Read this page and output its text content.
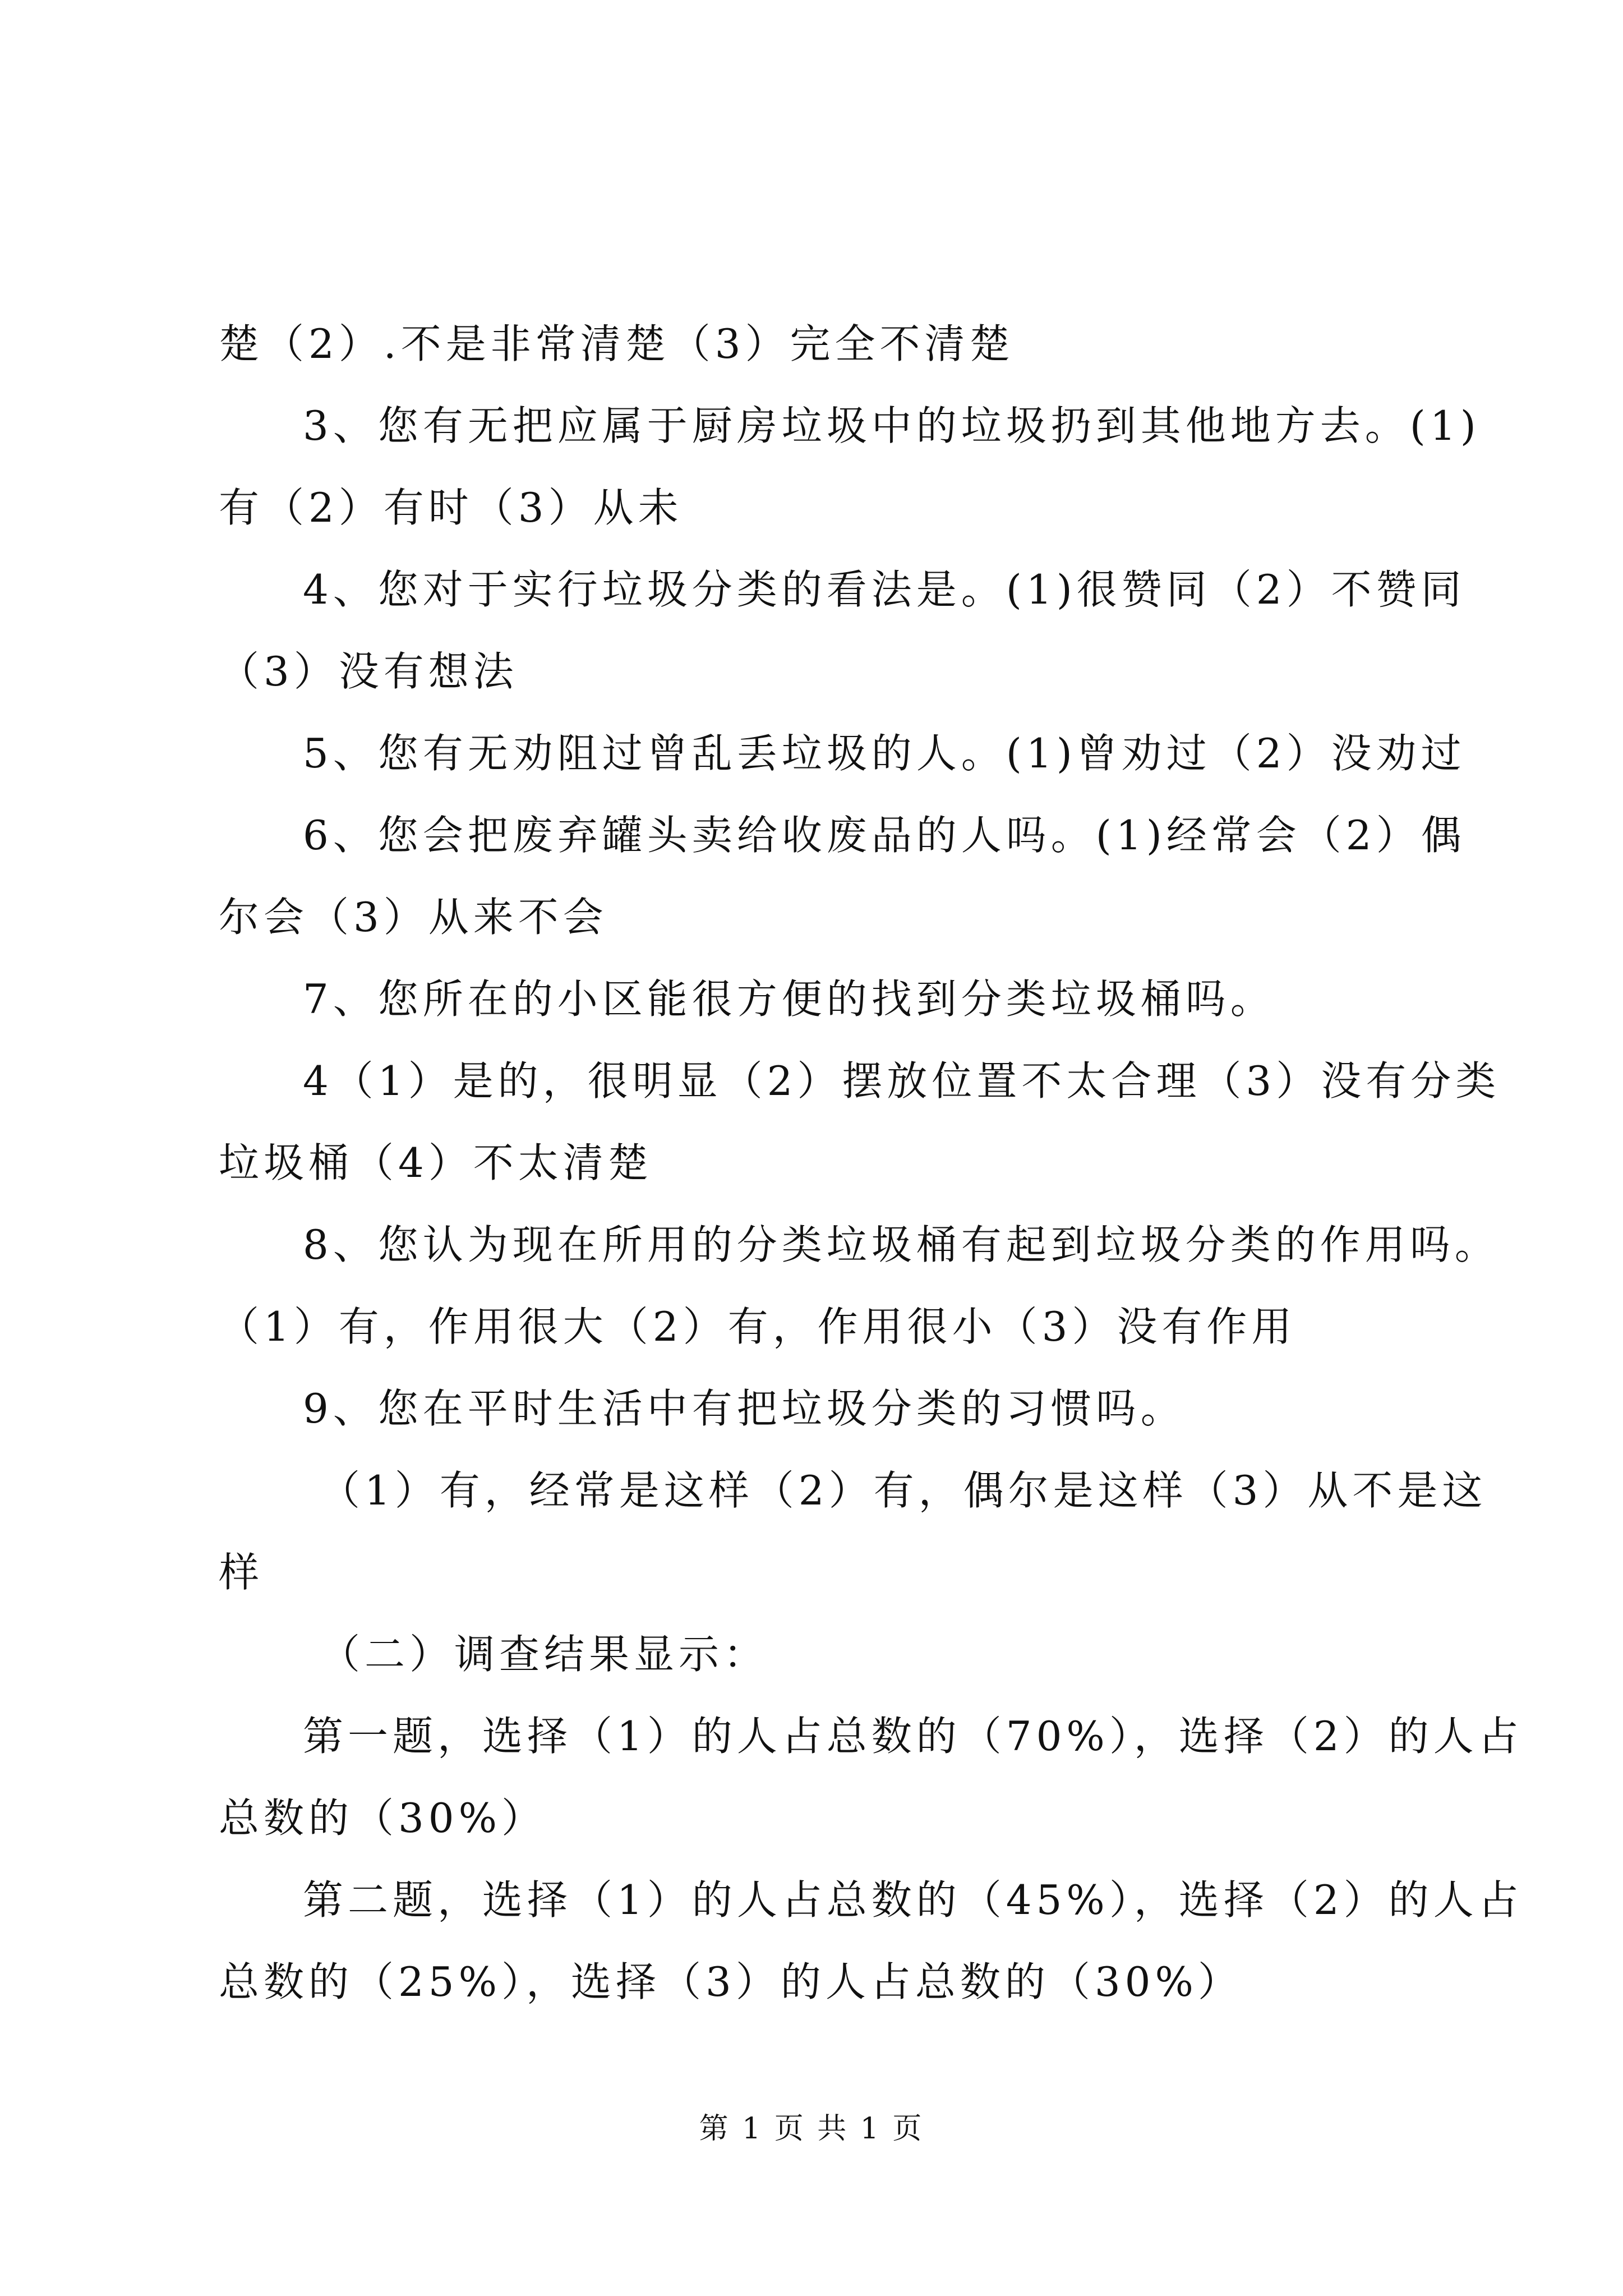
楚（2）.不是非常清楚（3）完全不清楚
3、您有无把应属于厨房垃圾中的垃圾扔到其他地方去。(1)
有（2）有时（3）从未
4、您对于实行垃圾分类的看法是。(1)很赞同（2）不赞同
（3）没有想法
5、您有无劝阻过曾乱丢垃圾的人。(1)曾劝过（2）没劝过
6、您会把废弃罐头卖给收废品的人吗。(1)经常会（2）偶
尔会（3）从来不会
7、您所在的小区能很方便的找到分类垃圾桶吗。
4（1）是的，很明显（2）摆放位置不太合理（3）没有分类
垃圾桶（4）不太清楚
8、您认为现在所用的分类垃圾桶有起到垃圾分类的作用吗。
（1）有，作用很大（2）有，作用很小（3）没有作用
9、您在平时生活中有把垃圾分类的习惯吗。
（1）有，经常是这样（2）有，偶尔是这样（3）从不是这
样
（二）调查结果显示：
第一题，选择（1）的人占总数的（70%），选择（2）的人占
总数的（30%）
第二题，选择（1）的人占总数的（45%），选择（2）的人占
总数的（25%），选择（3）的人占总数的（30%）
第 1 页 共 1 页
